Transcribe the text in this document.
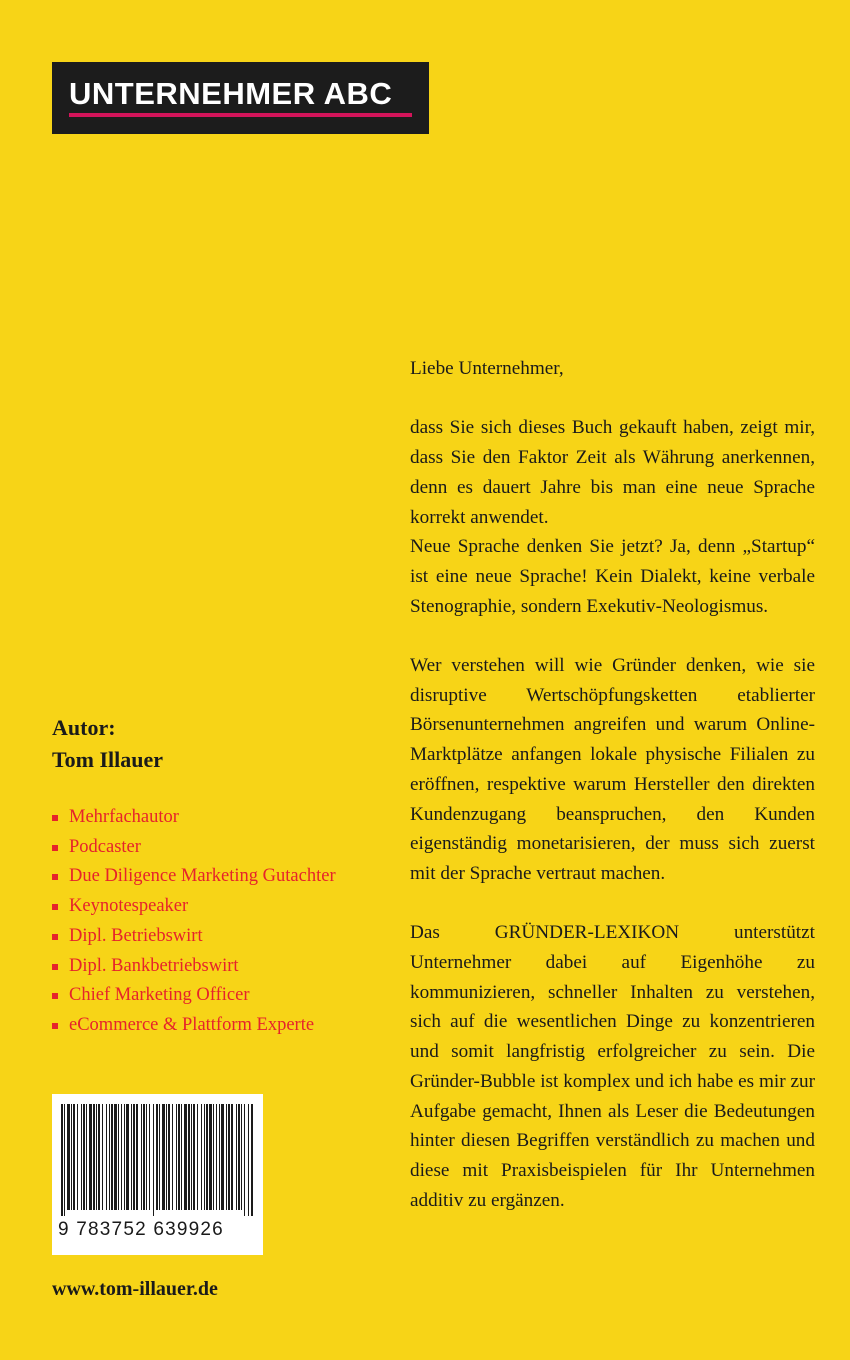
UNTERNEHMER ABC

Liebe Unternehmer,

dass Sie sich dieses Buch gekauft haben, zeigt mir, dass Sie den Faktor Zeit als Währung anerkennen, denn es dauert Jahre bis man eine neue Sprache korrekt anwendet.

Neue Sprache denken Sie jetzt? Ja, denn „Startup“ ist eine neue Sprache! Kein Dialekt, keine verbale Stenographie, sondern Exekutiv-Neologismus.

Wer verstehen will wie Gründer denken, wie sie disruptive Wertschöpfungsketten etablierter Börsenunternehmen angreifen und warum Online-Marktplätze anfangen lokale physische Filialen zu eröffnen, respektive warum Hersteller den direkten Kundenzugang beanspruchen, den Kunden eigenständig monetarisieren, der muss sich zuerst mit der Sprache vertraut machen.

Das GRÜNDER-LEXIKON unterstützt Unternehmer dabei auf Eigenhöhe zu kommunizieren, schneller Inhalten zu verstehen, sich auf die wesentlichen Dinge zu konzentrieren und somit langfristig erfolgreicher zu sein. Die Gründer-Bubble ist komplex und ich habe es mir zur Aufgabe gemacht, Ihnen als Leser die Bedeutungen hinter diesen Begriffen verständlich zu machen und diese mit Praxisbeispielen für Ihr Unternehmen additiv zu ergänzen.

Autor:
Tom Illauer
Mehrfachautor
Podcaster
Due Diligence Marketing Gutachter
Keynotespeaker
Dipl. Betriebswirt
Dipl. Bankbetriebswirt
Chief Marketing Officer
eCommerce & Plattform Experte
9 783752 639926
www.tom-illauer.de
